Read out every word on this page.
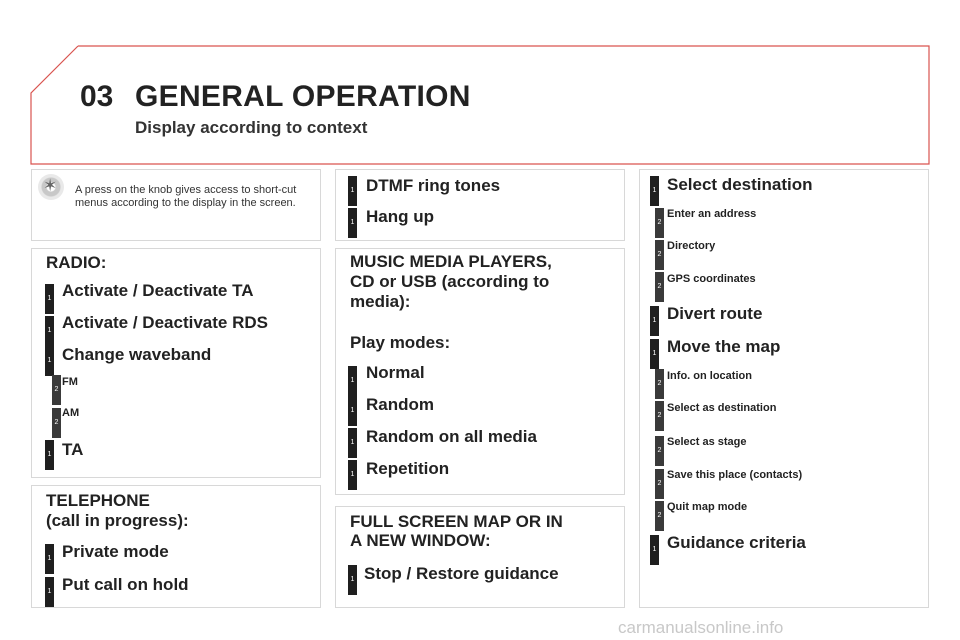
03 GENERAL OPERATION
Display according to context
✶
A press on the knob gives access to short-cut menus according to the display in the screen.
RADIO:
1 Activate / Deactivate TA
1 Activate / Deactivate RDS
1 Change waveband
2
FM
2
AM
1 TA
TELEPHONE
(call in progress):
1 Private mode
1 Put call on hold
1 DTMF ring tones
1 Hang up
MUSIC MEDIA PLAYERS,
CD or USB (according to
media):
Play modes:
1 Normal
1 Random
1 Random on all media
1 Repetition
FULL SCREEN MAP OR IN
A NEW WINDOW:
1 Stop / Restore guidance
1 Select destination
2
Enter an address
2
Directory
2
GPS coordinates
1 Divert route
1 Move the map
2
Info. on location
2
Select as destination
2
Select as stage
2
Save this place (contacts)
2
Quit map mode
1 Guidance criteria
carmanualsonline.info
